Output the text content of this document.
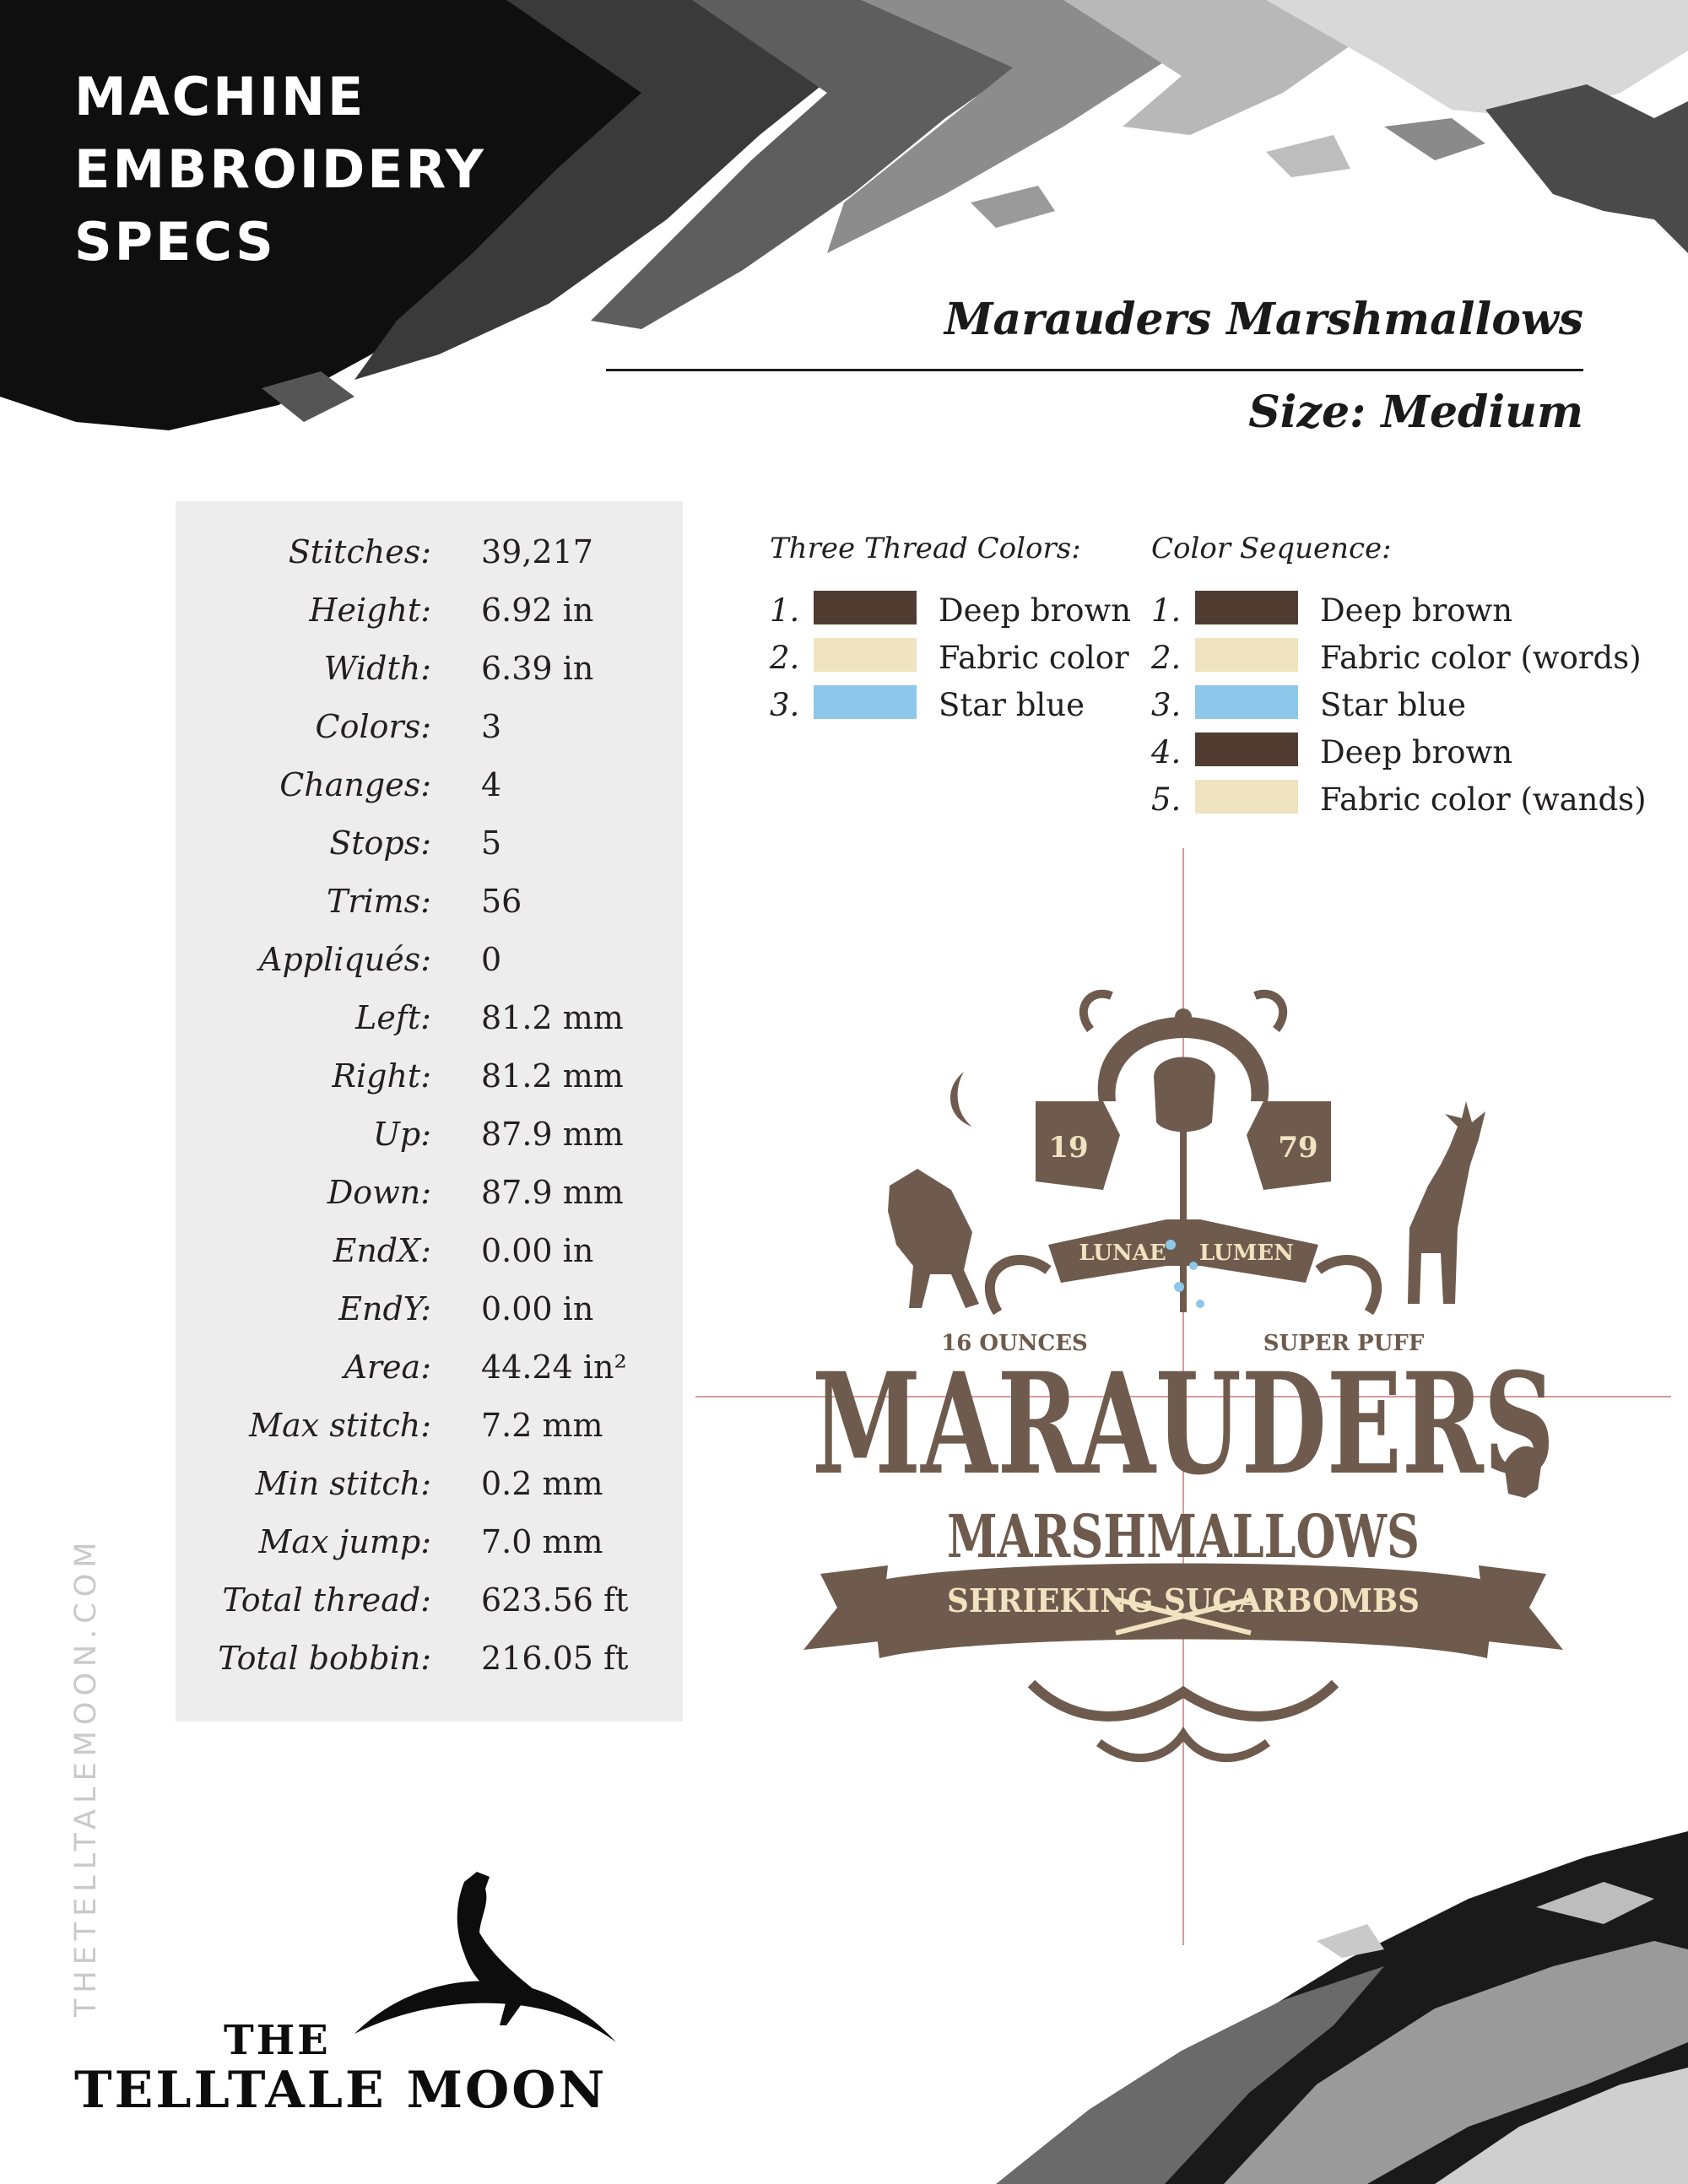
MACHINE
EMBROIDERY
SPECS
Marauders Marshmallows
Size: Medium
Stitches: 39,217
Height: 6.92 in
Width: 6.39 in
Colors: 3
Changes: 4
Stops: 5
Trims: 56
Appliqués: 0
Left: 81.2 mm
Right: 81.2 mm
Up: 87.9 mm
Down: 87.9 mm
EndX: 0.00 in
EndY: 0.00 in
Area: 44.24 in²
Max stitch: 7.2 mm
Min stitch: 0.2 mm
Max jump: 7.0 mm
Total thread: 623.56 ft
Total bobbin: 216.05 ft
Three Thread Colors:
1.	Deep brown
2.	Fabric color
3.	Star blue
Color Sequence:
1.	Deep brown
2.	Fabric color (words)
3.	Star blue
4.	Deep brown
5.	Fabric color (wands)
19	79
LUNAE LUMEN
16 OUNCES	SUPER PUFF
MARAUDERS
MARSHMALLOWS
SHRIEKING SUGARBOMBS
THETELLTALEMOON.COM
THE
TELLTALE MOON
